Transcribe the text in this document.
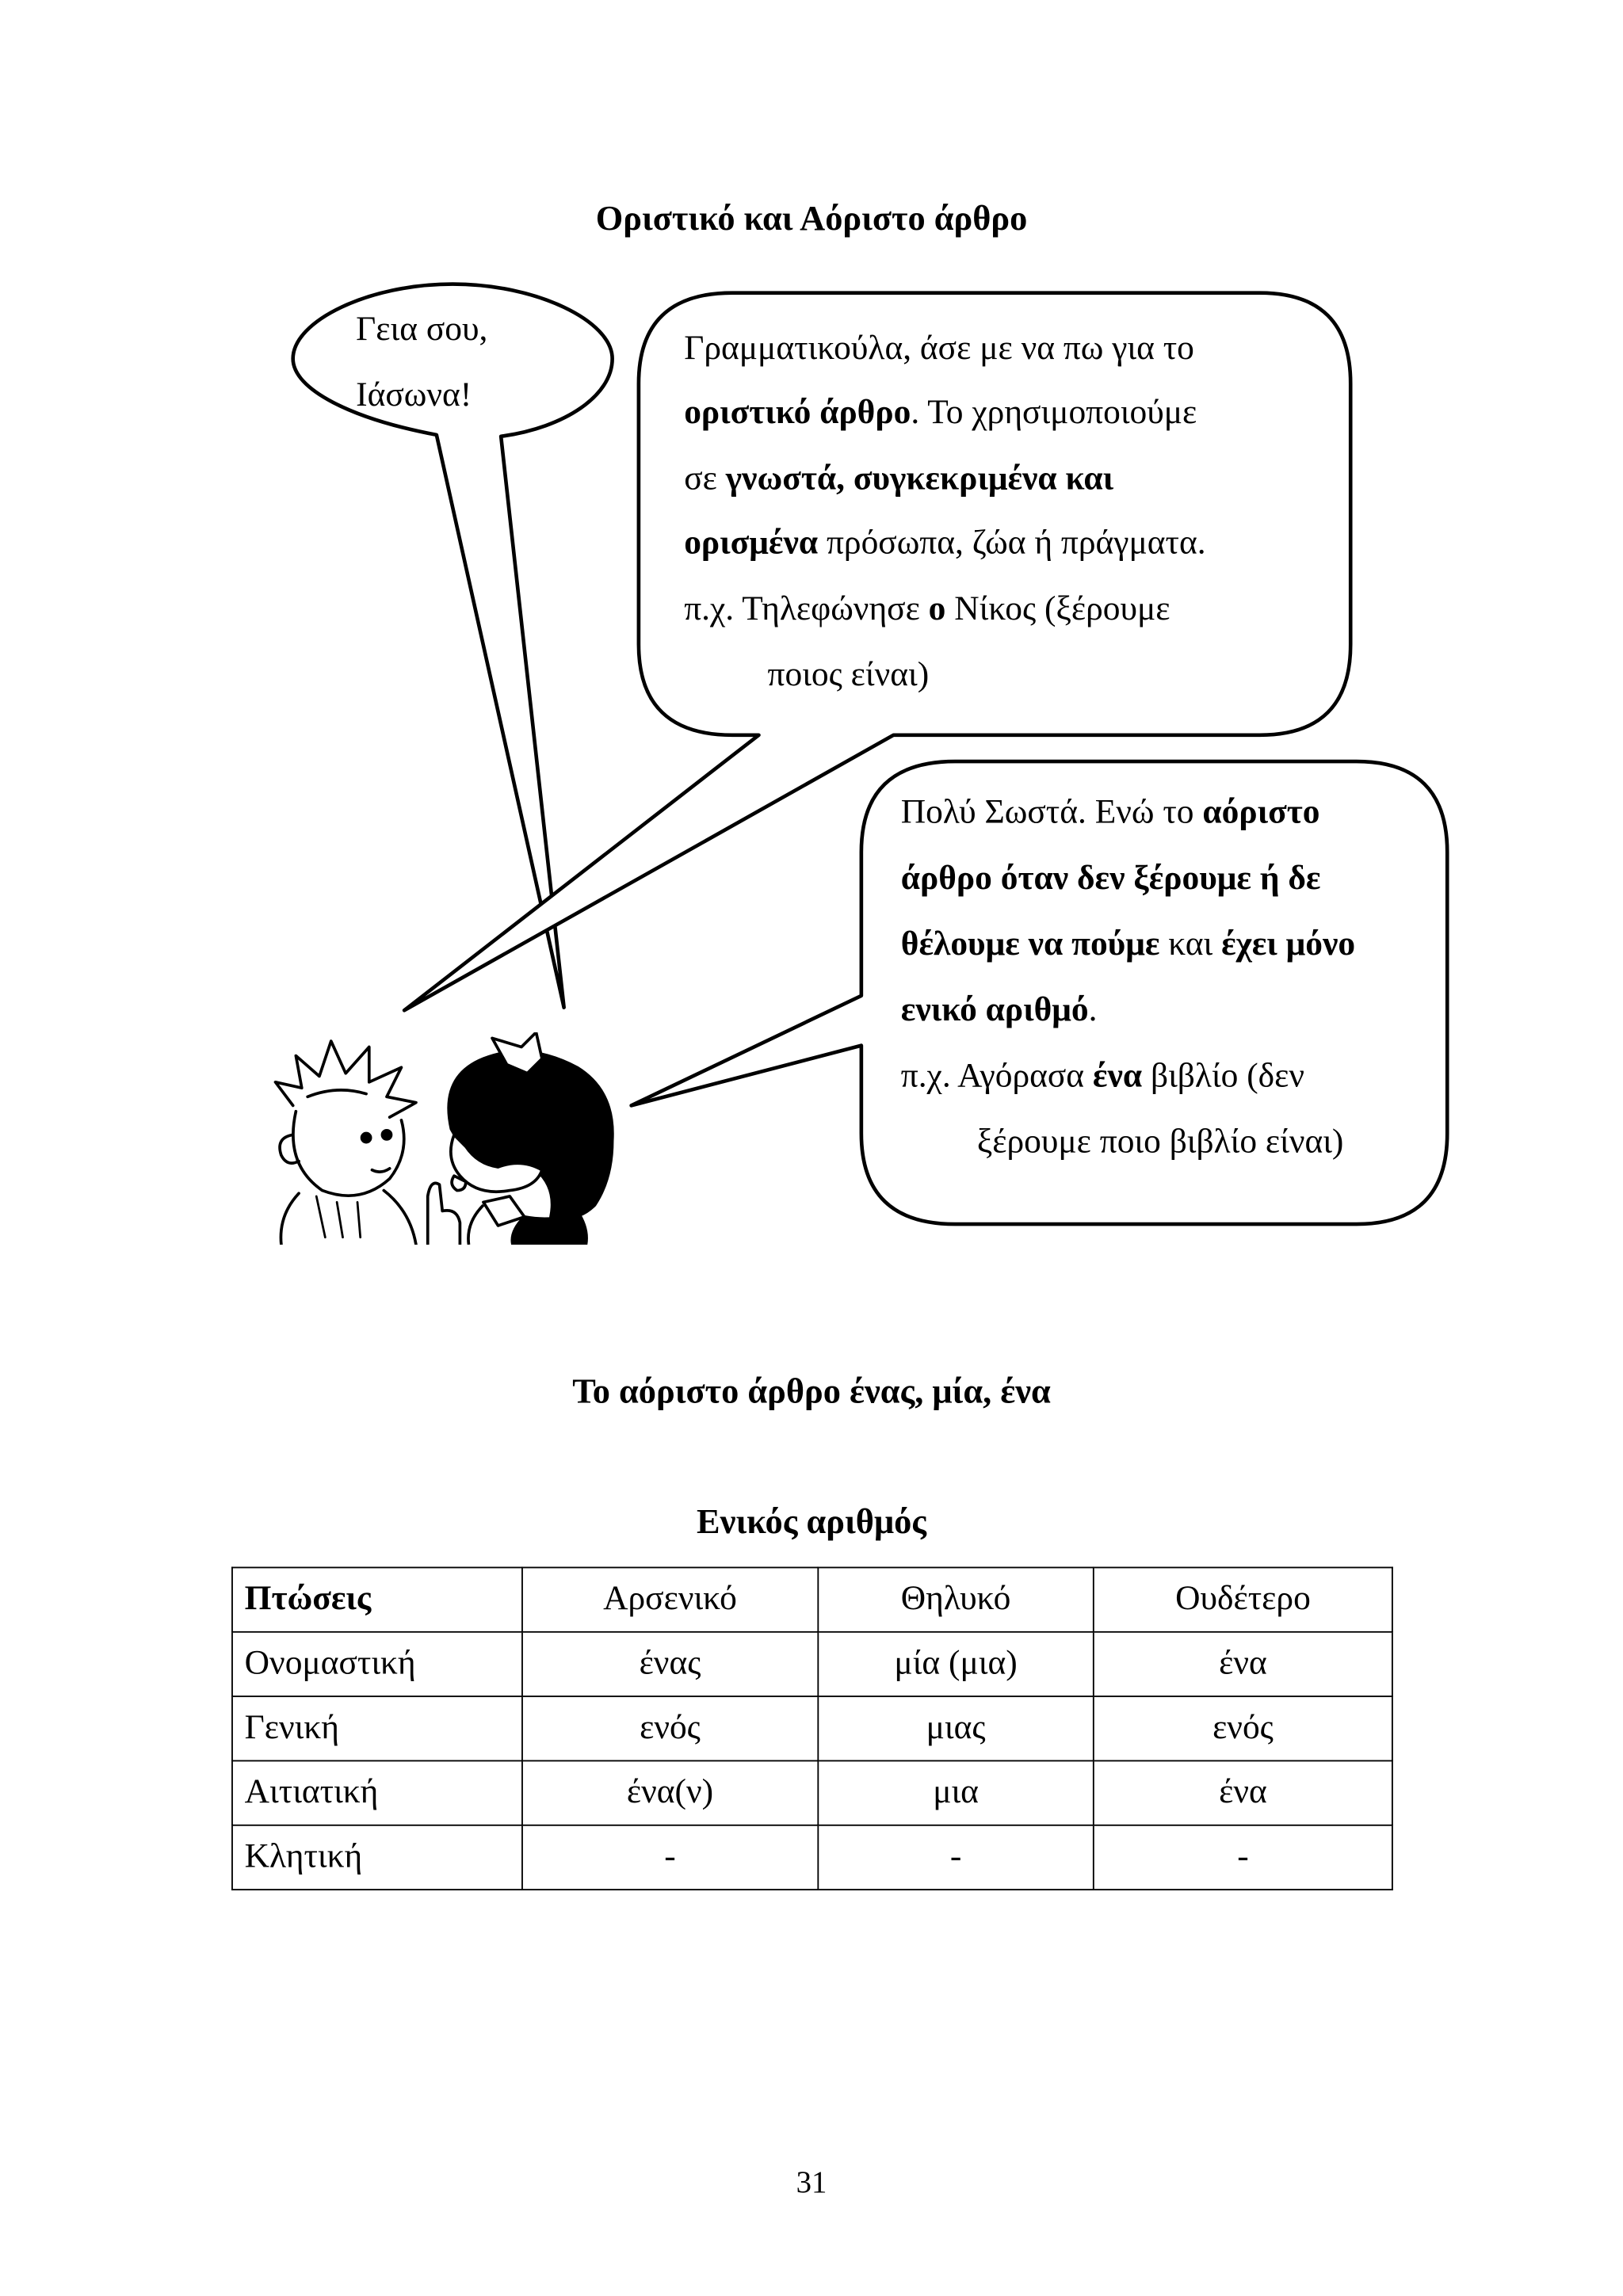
Οριστικό και Αόριστο άρθρο
Γεια σου,
Ιάσωνα!
Γραμματικούλα, άσε με να πω για το
οριστικό άρθρο. Το χρησιμοποιούμε
σε γνωστά, συγκεκριμένα και
ορισμένα πρόσωπα, ζώα ή πράγματα.
π.χ. Τηλεφώνησε ο Νίκος (ξέρουμε
ποιος είναι)
Πολύ Σωστά. Ενώ το αόριστο
άρθρο όταν δεν ξέρουμε ή δε
θέλουμε να πούμε και έχει μόνο
ενικό αριθμό.
π.χ. Αγόρασα ένα βιβλίο (δεν
ξέρουμε ποιο βιβλίο είναι)
Το αόριστο άρθρο ένας, μία, ένα
Ενικός αριθμός
Πτώσεις	Αρσενικό	Θηλυκό	Ουδέτερο
Ονομαστική	ένας	μία (μια)	ένα
Γενική	ενός	μιας	ενός
Αιτιατική	ένα(ν)	μια	ένα
Κλητική	-	-	-
31
